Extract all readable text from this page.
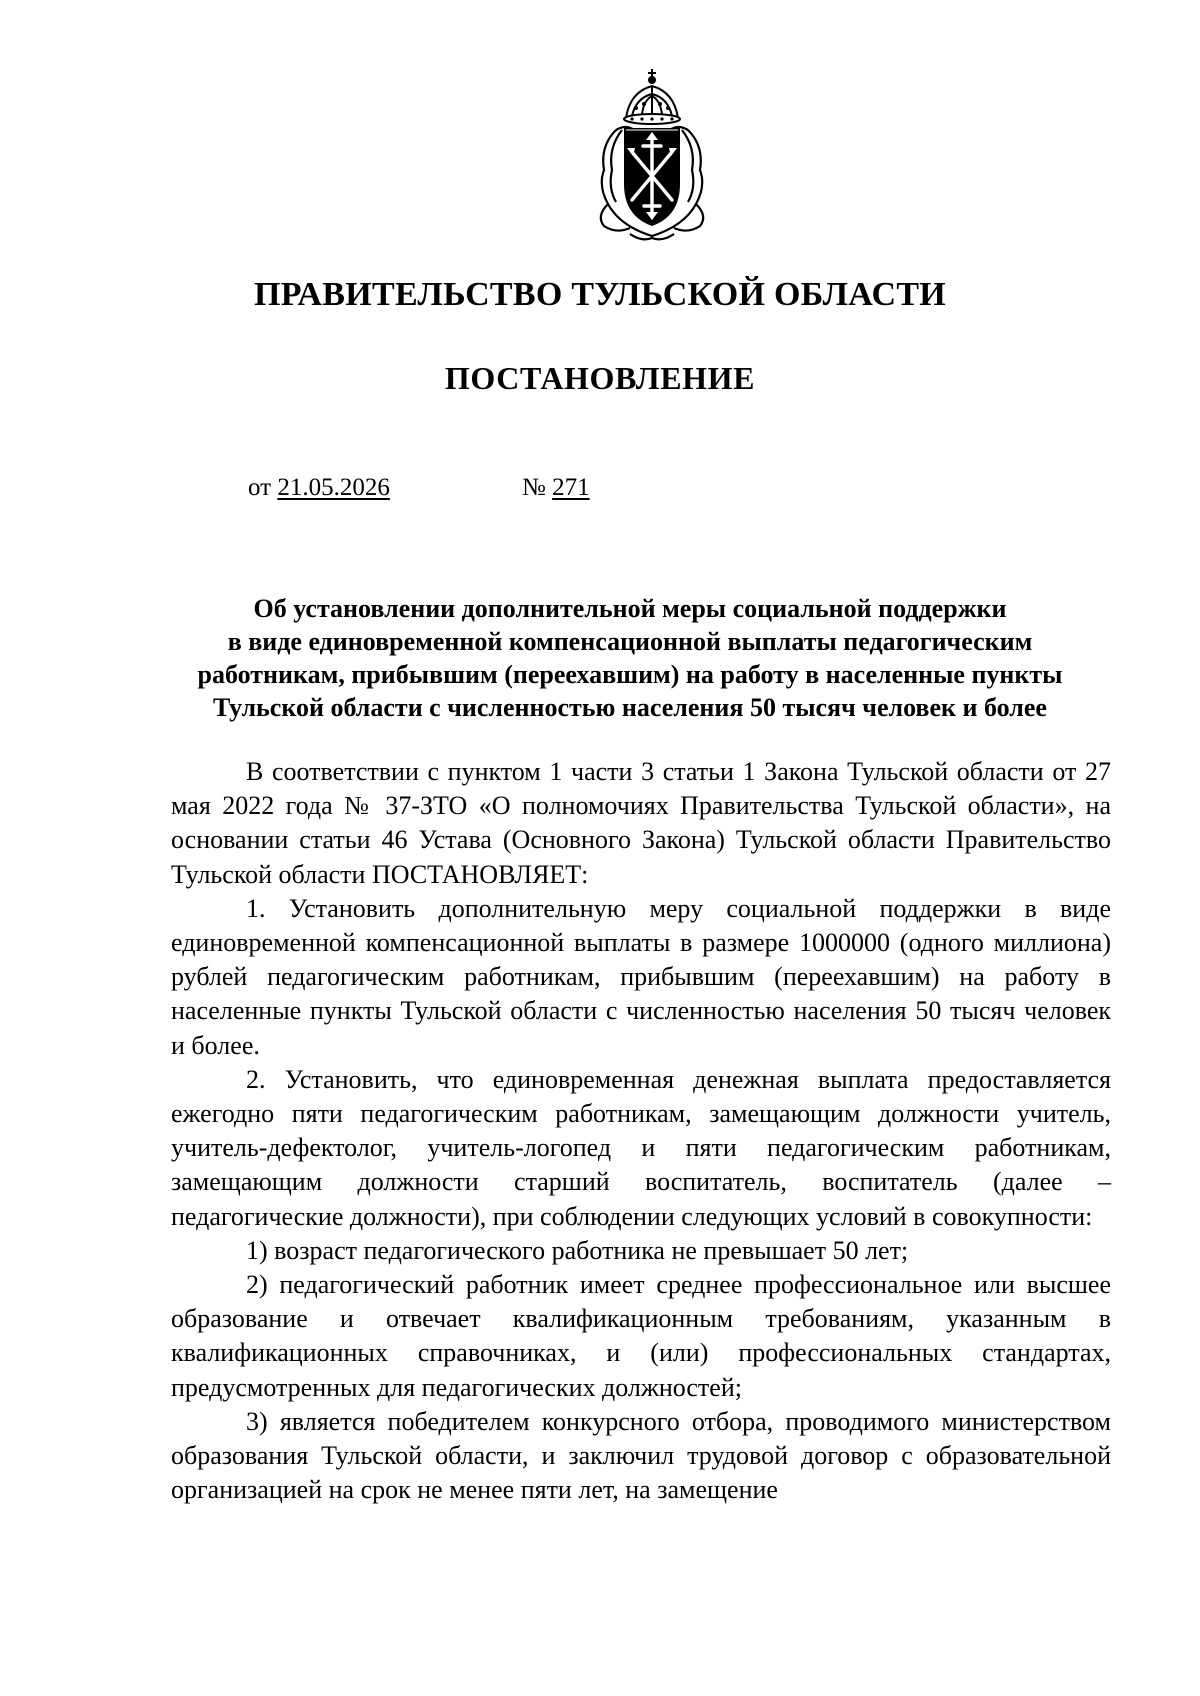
ПРАВИТЕЛЬСТВО ТУЛЬСКОЙ ОБЛАСТИ
ПОСТАНОВЛЕНИЕ
от 21.05.2026	№ 271
Об установлении дополнительной меры социальной поддержки
в виде единовременной компенсационной выплаты педагогическим
работникам, прибывшим (переехавшим) на работу в населенные пункты
Тульской области с численностью населения 50 тысяч человек и более

В соответствии с пунктом 1 части 3 статьи 1 Закона Тульской области от 27 мая 2022 года № 37-ЗТО «О полномочиях Правительства Тульской области», на основании статьи 46 Устава (Основного Закона) Тульской области Правительство Тульской области ПОСТАНОВЛЯЕТ:

1. Установить дополнительную меру социальной поддержки в виде единовременной компенсационной выплаты в размере 1000000 (одного миллиона) рублей педагогическим работникам, прибывшим (переехавшим) на работу в населенные пункты Тульской области с численностью населения 50 тысяч человек и более.

2. Установить, что единовременная денежная выплата предоставляется ежегодно пяти педагогическим работникам, замещающим должности учитель, учитель-дефектолог, учитель-логопед и пяти педагогическим работникам, замещающим должности старший воспитатель, воспитатель (далее – педагогические должности), при соблюдении следующих условий в совокупности:

1) возраст педагогического работника не превышает 50 лет;

2) педагогический работник имеет среднее профессиональное или высшее образование и отвечает квалификационным требованиям, указанным в квалификационных справочниках, и (или) профессиональных стандартах, предусмотренных для педагогических должностей;

3) является победителем конкурсного отбора, проводимого министерством образования Тульской области, и заключил трудовой договор с образовательной организацией на срок не менее пяти лет, на замещение
